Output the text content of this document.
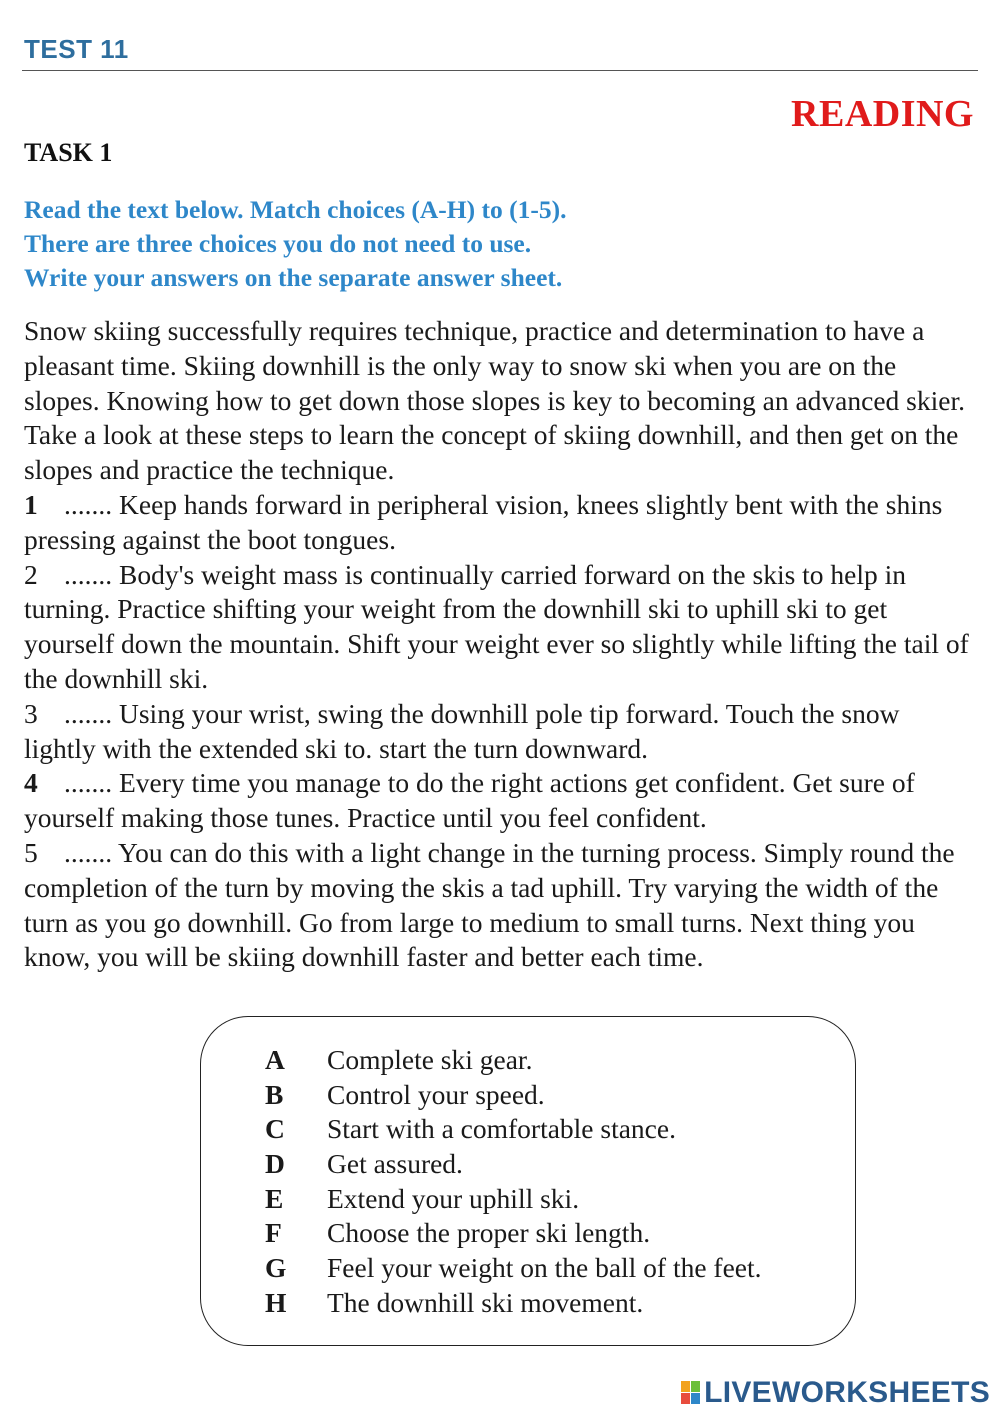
TEST 11
READING
TASK 1
Read the text below. Match choices (A-H) to (1-5).
There are three choices you do not need to use.
Write your answers on the separate answer sheet.

Snow skiing successfully requires technique, practice and determination to have a pleasant time. Skiing downhill is the only way to snow ski when you are on the slopes. Knowing how to get down those slopes is key to becoming an advanced skier. Take a look at these steps to learn the concept of skiing downhill, and then get on the slopes and practice the technique.

1 ....... Keep hands forward in peripheral vision, knees slightly bent with the shins pressing against the boot tongues.

2 ....... Body's weight mass is continually carried forward on the skis to help in turning. Practice shifting your weight from the downhill ski to uphill ski to get yourself down the mountain. Shift your weight ever so slightly while lifting the tail of the downhill ski.

3 ....... Using your wrist, swing the downhill pole tip forward. Touch the snow lightly with the extended ski to. start the turn downward.

4 ....... Every time you manage to do the right actions get confident. Get sure of yourself making those tunes. Practice until you feel confident.

5 ....... You can do this with a light change in the turning process. Simply round the completion of the turn by moving the skis a tad uphill. Try varying the width of the turn as you go downhill. Go from large to medium to small turns. Next thing you know, you will be skiing downhill faster and better each time.

A Complete ski gear.
B Control your speed.
C Start with a comfortable stance.
D Get assured.
E Extend your uphill ski.
F Choose the proper ski length.
G Feel your weight on the ball of the feet.
H The downhill ski movement.
LIVEWORKSHEETS
